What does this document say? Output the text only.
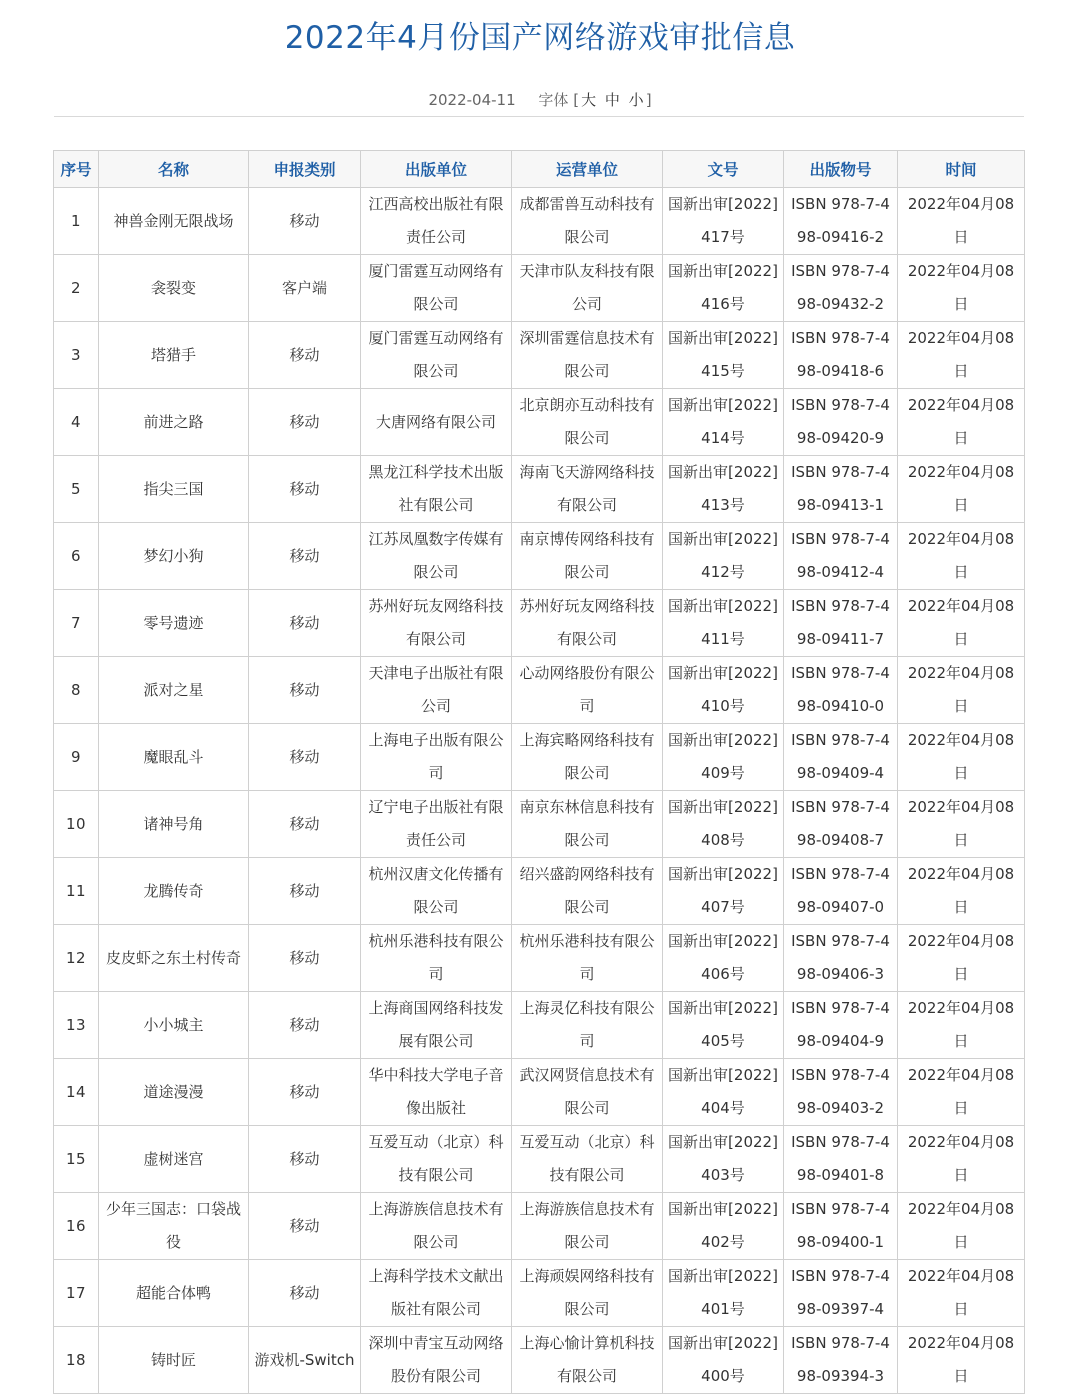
2022年4月份国产网络游戏审批信息
2022-04-11 字体 [ 大 中 小 ]
序号	名称	申报类别	出版单位	运营单位	文号	出版物号	时间
1	神兽金刚无限战场	移动	江西高校出版社有限责任公司	成都雷兽互动科技有限公司	国新出审[2022]417号	ISBN 978-7-498-09416-2	2022年04月08日
2	衾裂变	客户端	厦门雷霆互动网络有限公司	天津市队友科技有限公司	国新出审[2022]416号	ISBN 978-7-498-09432-2	2022年04月08日
3	塔猎手	移动	厦门雷霆互动网络有限公司	深圳雷霆信息技术有限公司	国新出审[2022]415号	ISBN 978-7-498-09418-6	2022年04月08日
4	前进之路	移动	大唐网络有限公司	北京朗亦互动科技有限公司	国新出审[2022]414号	ISBN 978-7-498-09420-9	2022年04月08日
5	指尖三国	移动	黑龙江科学技术出版社有限公司	海南飞天游网络科技有限公司	国新出审[2022]413号	ISBN 978-7-498-09413-1	2022年04月08日
6	梦幻小狗	移动	江苏凤凰数字传媒有限公司	南京博传网络科技有限公司	国新出审[2022]412号	ISBN 978-7-498-09412-4	2022年04月08日
7	零号遗迹	移动	苏州好玩友网络科技有限公司	苏州好玩友网络科技有限公司	国新出审[2022]411号	ISBN 978-7-498-09411-7	2022年04月08日
8	派对之星	移动	天津电子出版社有限公司	心动网络股份有限公司	国新出审[2022]410号	ISBN 978-7-498-09410-0	2022年04月08日
9	魔眼乱斗	移动	上海电子出版有限公司	上海宾略网络科技有限公司	国新出审[2022]409号	ISBN 978-7-498-09409-4	2022年04月08日
10	诸神号角	移动	辽宁电子出版社有限责任公司	南京东林信息科技有限公司	国新出审[2022]408号	ISBN 978-7-498-09408-7	2022年04月08日
11	龙腾传奇	移动	杭州汉唐文化传播有限公司	绍兴盛韵网络科技有限公司	国新出审[2022]407号	ISBN 978-7-498-09407-0	2022年04月08日
12	皮皮虾之东土村传奇	移动	杭州乐港科技有限公司	杭州乐港科技有限公司	国新出审[2022]406号	ISBN 978-7-498-09406-3	2022年04月08日
13	小小城主	移动	上海商国网络科技发展有限公司	上海灵亿科技有限公司	国新出审[2022]405号	ISBN 978-7-498-09404-9	2022年04月08日
14	道途漫漫	移动	华中科技大学电子音像出版社	武汉网贤信息技术有限公司	国新出审[2022]404号	ISBN 978-7-498-09403-2	2022年04月08日
15	虚树迷宫	移动	互爱互动（北京）科技有限公司	互爱互动（北京）科技有限公司	国新出审[2022]403号	ISBN 978-7-498-09401-8	2022年04月08日
16	少年三国志：口袋战役	移动	上海游族信息技术有限公司	上海游族信息技术有限公司	国新出审[2022]402号	ISBN 978-7-498-09400-1	2022年04月08日
17	超能合体鸭	移动	上海科学技术文献出版社有限公司	上海顽娱网络科技有限公司	国新出审[2022]401号	ISBN 978-7-498-09397-4	2022年04月08日
18	铸时匠	游戏机-Switch	深圳中青宝互动网络股份有限公司	上海心愉计算机科技有限公司	国新出审[2022]400号	ISBN 978-7-498-09394-3	2022年04月08日
